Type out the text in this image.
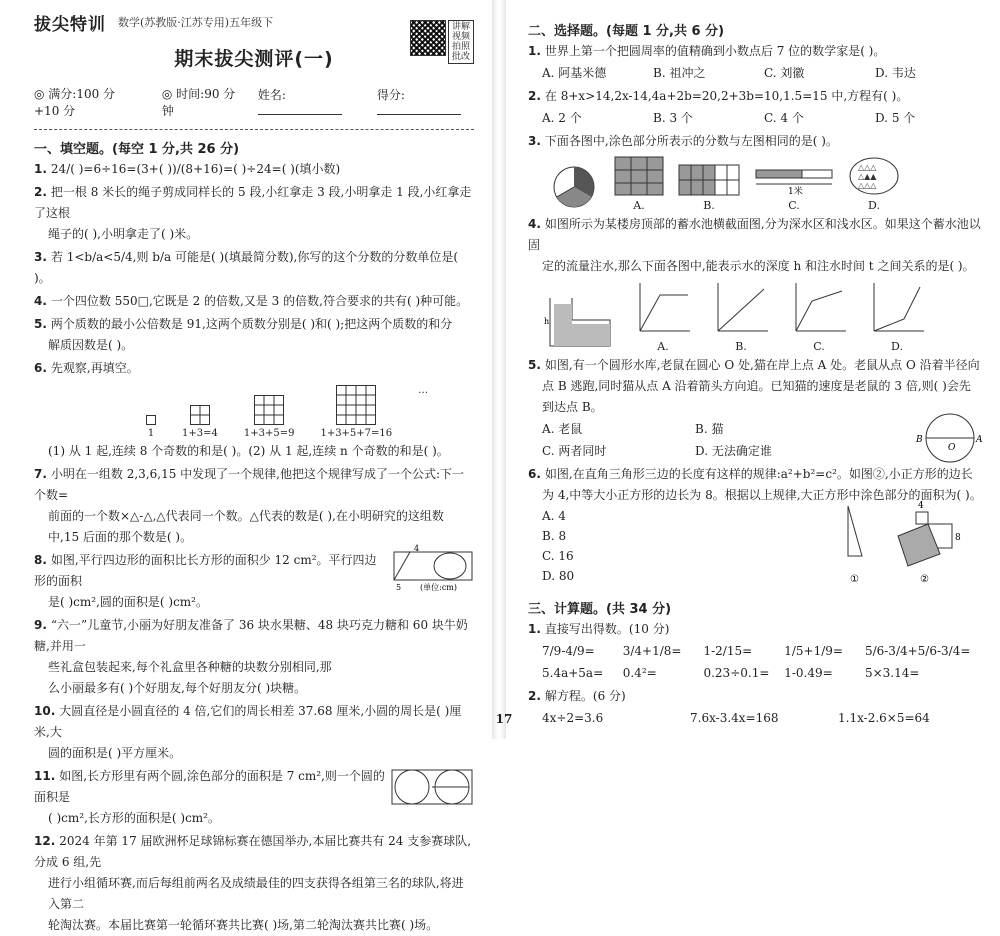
拔尖特训 数学(苏教版·江苏专用)五年级下	讲解视频 拍照批改
期末拔尖测评(一)
◎ 满分:100 分+10 分
◎ 时间:90 分钟
姓名:	得分:
一、填空题。(每空 1 分,共 26 分)
1. 24/( )=6÷16=(3+( ))/(8+16)=( )÷24=( )(填小数)
2. 把一根 8 米长的绳子剪成同样长的 5 段,小红拿走 3 段,小明拿走 1 段,小红拿走了这根
绳子的( ),小明拿走了( )米。
3. 若 1<b/a<5/4,则 b/a 可能是( )(填最简分数),你写的这个分数的分数单位是( )。
4. 一个四位数 550□,它既是 2 的倍数,又是 3 的倍数,符合要求的共有( )种可能。
5. 两个质数的最小公倍数是 91,这两个质数分别是( )和( );把这两个质数的和分
解质因数是( )。
6. 先观察,再填空。
1	1+3=4	1+3+5=9	1+3+5+7=16
…
(1) 从 1 起,连续 8 个奇数的和是( )。(2) 从 1 起,连续 n 个奇数的和是( )。
7. 小明在一组数 2,3,6,15 中发现了一个规律,他把这个规律写成了一个公式:下一个数=
前面的一个数×△-△,△代表同一个数。△代表的数是( ),在小明研究的这组数
中,15 后面的那个数是( )。
8. 如图,平行四边形的面积比长方形的面积少 12 cm²。平行四边形的面积
是( )cm²,圆的面积是( )cm²。
4
5 (单位:cm)
9. “六一”儿童节,小丽为好朋友准备了 36 块水果糖、48 块巧克力糖和 60 块牛奶糖,并用一
些礼盒包装起来,每个礼盒里各种糖的块数分别相同,那
么小丽最多有( )个好朋友,每个好朋友分( )块糖。
10. 大圆直径是小圆直径的 4 倍,它们的周长相差 37.68 厘米,小圆的周长是( )厘米,大
圆的面积是( )平方厘米。
11. 如图,长方形里有两个圆,涂色部分的面积是 7 cm²,则一个圆的面积是
( )cm²,长方形的面积是( )cm²。
12. 2024 年第 17 届欧洲杯足球锦标赛在德国举办,本届比赛共有 24 支参赛球队,分成 6 组,先
进行小组循环赛,而后每组前两名及成绩最佳的四支获得各组第三名的球队,将进入第二
轮淘汰赛。本届比赛第一轮循环赛共比赛( )场,第二轮淘汰赛共比赛( )场。
17
二、选择题。(每题 1 分,共 6 分)
1. 世界上第一个把圆周率的值精确到小数点后 7 位的数学家是( )。
A. 阿基米德	B. 祖冲之	C. 刘徽	D. 韦达
2. 在 8+x>14,2x-14,4a+2b=20,2+3b=10,1.5=15 中,方程有( )。
A. 2 个	B. 3 个	C. 4 个	D. 5 个
3. 下面各图中,涂色部分所表示的分数与左图相同的是( )。
A.	B.
1米
C.
△△△
△▲▲
△△△
D.
4. 如图所示为某楼房顶部的蓄水池横截面图,分为深水区和浅水区。如果这个蓄水池以固
定的流量注水,那么下面各图中,能表示水的深度 h 和注水时间 t 之间关系的是( )。
h
A.	B.	C.	D.
5. 如图,有一个圆形水库,老鼠在圆心 O 处,猫在岸上点 A 处。老鼠从点 O 沿着半径向
点 B 逃跑,同时猫从点 A 沿着箭头方向追。已知猫的速度是老鼠的 3 倍,则( )会先
到达点 B。
A. 老鼠	B. 猫
C. 两者同时	D. 无法确定谁
B	A
O
6. 如图,在直角三角形三边的长度有这样的规律:a²+b²=c²。如图②,小正方形的边长
为 4,中等大小正方形的边长为 8。根据以上规律,大正方形中涂色部分的面积为( )。
A. 4
B. 8
C. 16
D. 80	①
4
8
②
三、计算题。(共 34 分)
1. 直接写出得数。(10 分)
7/9-4/9=	3/4+1/8=	1-2/15=	1/5+1/9=	5/6-3/4+5/6-3/4=
5.4a+5a=	0.4²=	0.23÷0.1=	1-0.49=	5×3.14=
2. 解方程。(6 分)
4x÷2=3.6	7.6x-3.4x=168	1.1x-2.6×5=64
